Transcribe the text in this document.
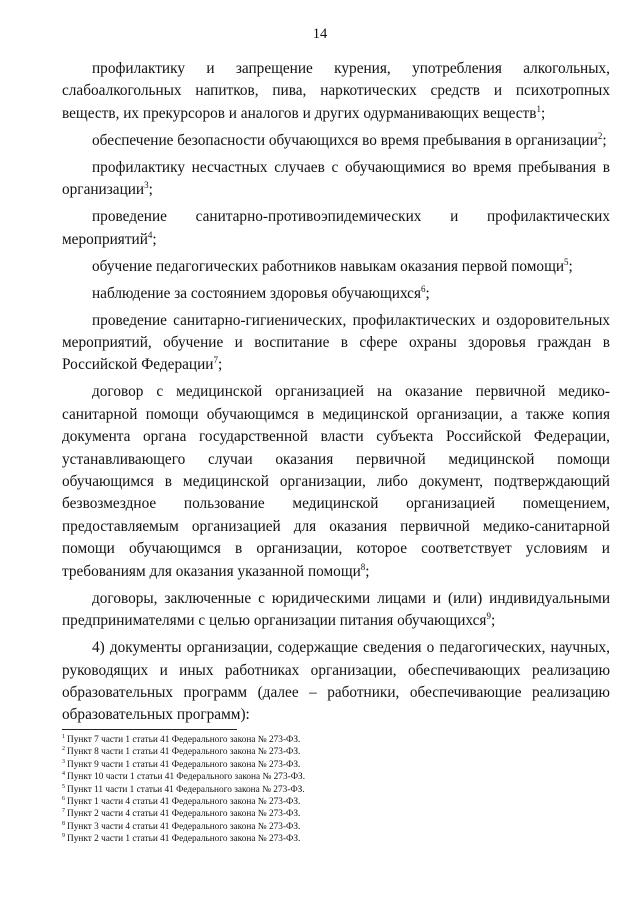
14

профилактику и запрещение курения, употребления алкогольных, слабоалкогольных напитков, пива, наркотических средств и психотропных веществ, их прекурсоров и аналогов и других одурманивающих веществ$^1$;

обеспечение безопасности обучающихся во время пребывания в организации$^2$;

профилактику несчастных случаев с обучающимися во время пребывания в организации$^3$;

проведение санитарно-противоэпидемических и профилактических мероприятий$^4$;

обучение педагогических работников навыкам оказания первой помощи$^5$;

наблюдение за состоянием здоровья обучающихся$^6$;

проведение санитарно-гигиенических, профилактических и оздоровительных мероприятий, обучение и воспитание в сфере охраны здоровья граждан в Российской Федерации$^7$;

договор с медицинской организацией на оказание первичной медико-санитарной помощи обучающимся в медицинской организации, а также копия документа органа государственной власти субъекта Российской Федерации, устанавливающего случаи оказания первичной медицинской помощи обучающимся в медицинской организации, либо документ, подтверждающий безвозмездное пользование медицинской организацией помещением, предоставляемым организацией для оказания первичной медико-санитарной помощи обучающимся в организации, которое соответствует условиям и требованиям для оказания указанной помощи$^8$;

договоры, заключенные с юридическими лицами и (или) индивидуальными предпринимателями с целью организации питания обучающихся$^9$;

4) документы организации, содержащие сведения о педагогических, научных, руководящих и иных работниках организации, обеспечивающих реализацию образовательных программ (далее – работники, обеспечивающие реализацию образовательных программ):

$^1$ Пункт 7 части 1 статьи 41 Федерального закона № 273-ФЗ.

$^2$ Пункт 8 части 1 статьи 41 Федерального закона № 273-ФЗ.

$^3$ Пункт 9 части 1 статьи 41 Федерального закона № 273-ФЗ.

$^4$ Пункт 10 части 1 статьи 41 Федерального закона № 273-ФЗ.

$^5$ Пункт 11 части 1 статьи 41 Федерального закона № 273-ФЗ.

$^6$ Пункт 1 части 4 статьи 41 Федерального закона № 273-ФЗ.

$^7$ Пункт 2 части 4 статьи 41 Федерального закона № 273-ФЗ.

$^8$ Пункт 3 части 4 статьи 41 Федерального закона № 273-ФЗ.

$^9$ Пункт 2 части 1 статьи 41 Федерального закона № 273-ФЗ.
